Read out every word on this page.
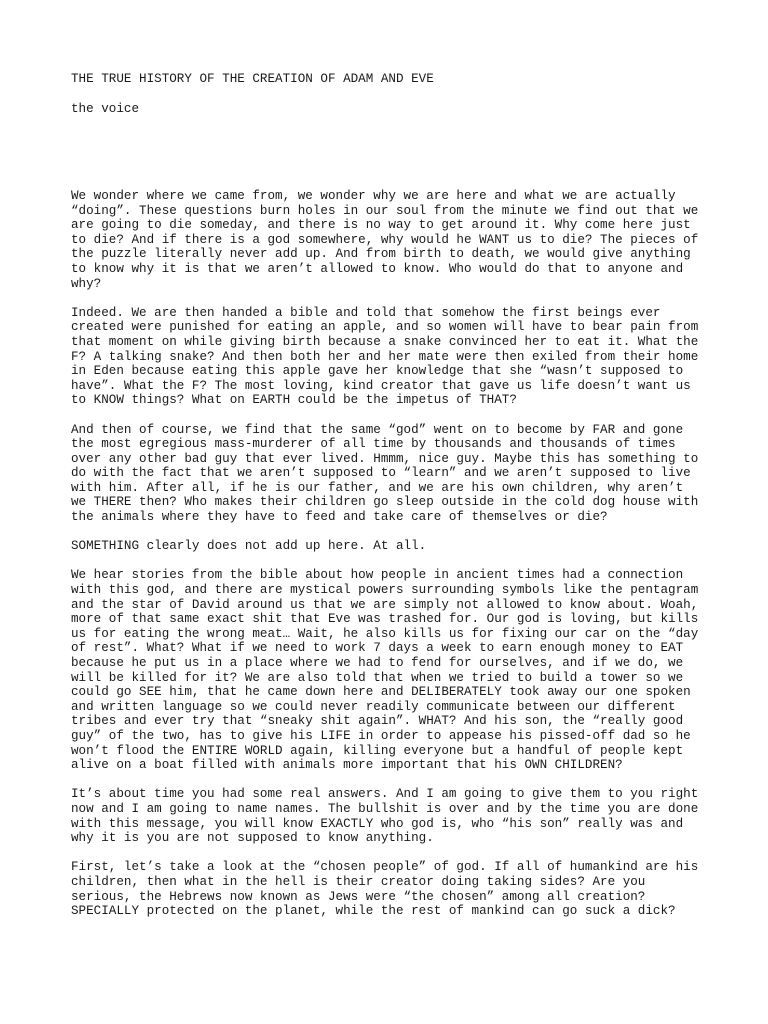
THE TRUE HISTORY OF THE CREATION OF ADAM AND EVE
the voice

We wonder where we came from, we wonder why we are here and what we are actually
“doing”. These questions burn holes in our soul from the minute we find out that we
are going to die someday, and there is no way to get around it. Why come here just
to die? And if there is a god somewhere, why would he WANT us to die? The pieces of
the puzzle literally never add up. And from birth to death, we would give anything
to know why it is that we aren’t allowed to know. Who would do that to anyone and
why?

Indeed. We are then handed a bible and told that somehow the first beings ever
created were punished for eating an apple, and so women will have to bear pain from
that moment on while giving birth because a snake convinced her to eat it. What the
F? A talking snake? And then both her and her mate were then exiled from their home
in Eden because eating this apple gave her knowledge that she “wasn’t supposed to
have”. What the F? The most loving, kind creator that gave us life doesn’t want us
to KNOW things? What on EARTH could be the impetus of THAT?

And then of course, we find that the same “god” went on to become by FAR and gone
the most egregious mass-murderer of all time by thousands and thousands of times
over any other bad guy that ever lived. Hmmm, nice guy. Maybe this has something to
do with the fact that we aren’t supposed to “learn” and we aren’t supposed to live
with him. After all, if he is our father, and we are his own children, why aren’t
we THERE then? Who makes their children go sleep outside in the cold dog house with
the animals where they have to feed and take care of themselves or die?

SOMETHING clearly does not add up here. At all.

We hear stories from the bible about how people in ancient times had a connection
with this god, and there are mystical powers surrounding symbols like the pentagram
and the star of David around us that we are simply not allowed to know about. Woah,
more of that same exact shit that Eve was trashed for. Our god is loving, but kills
us for eating the wrong meat… Wait, he also kills us for fixing our car on the “day
of rest”. What? What if we need to work 7 days a week to earn enough money to EAT
because he put us in a place where we had to fend for ourselves, and if we do, we
will be killed for it? We are also told that when we tried to build a tower so we
could go SEE him, that he came down here and DELIBERATELY took away our one spoken
and written language so we could never readily communicate between our different
tribes and ever try that “sneaky shit again”. WHAT? And his son, the “really good
guy” of the two, has to give his LIFE in order to appease his pissed-off dad so he
won’t flood the ENTIRE WORLD again, killing everyone but a handful of people kept
alive on a boat filled with animals more important that his OWN CHILDREN?

It’s about time you had some real answers. And I am going to give them to you right
now and I am going to name names. The bullshit is over and by the time you are done
with this message, you will know EXACTLY who god is, who “his son” really was and
why it is you are not supposed to know anything.

First, let’s take a look at the “chosen people” of god. If all of humankind are his
children, then what in the hell is their creator doing taking sides? Are you
serious, the Hebrews now known as Jews were “the chosen” among all creation?
SPECIALLY protected on the planet, while the rest of mankind can go suck a dick?
